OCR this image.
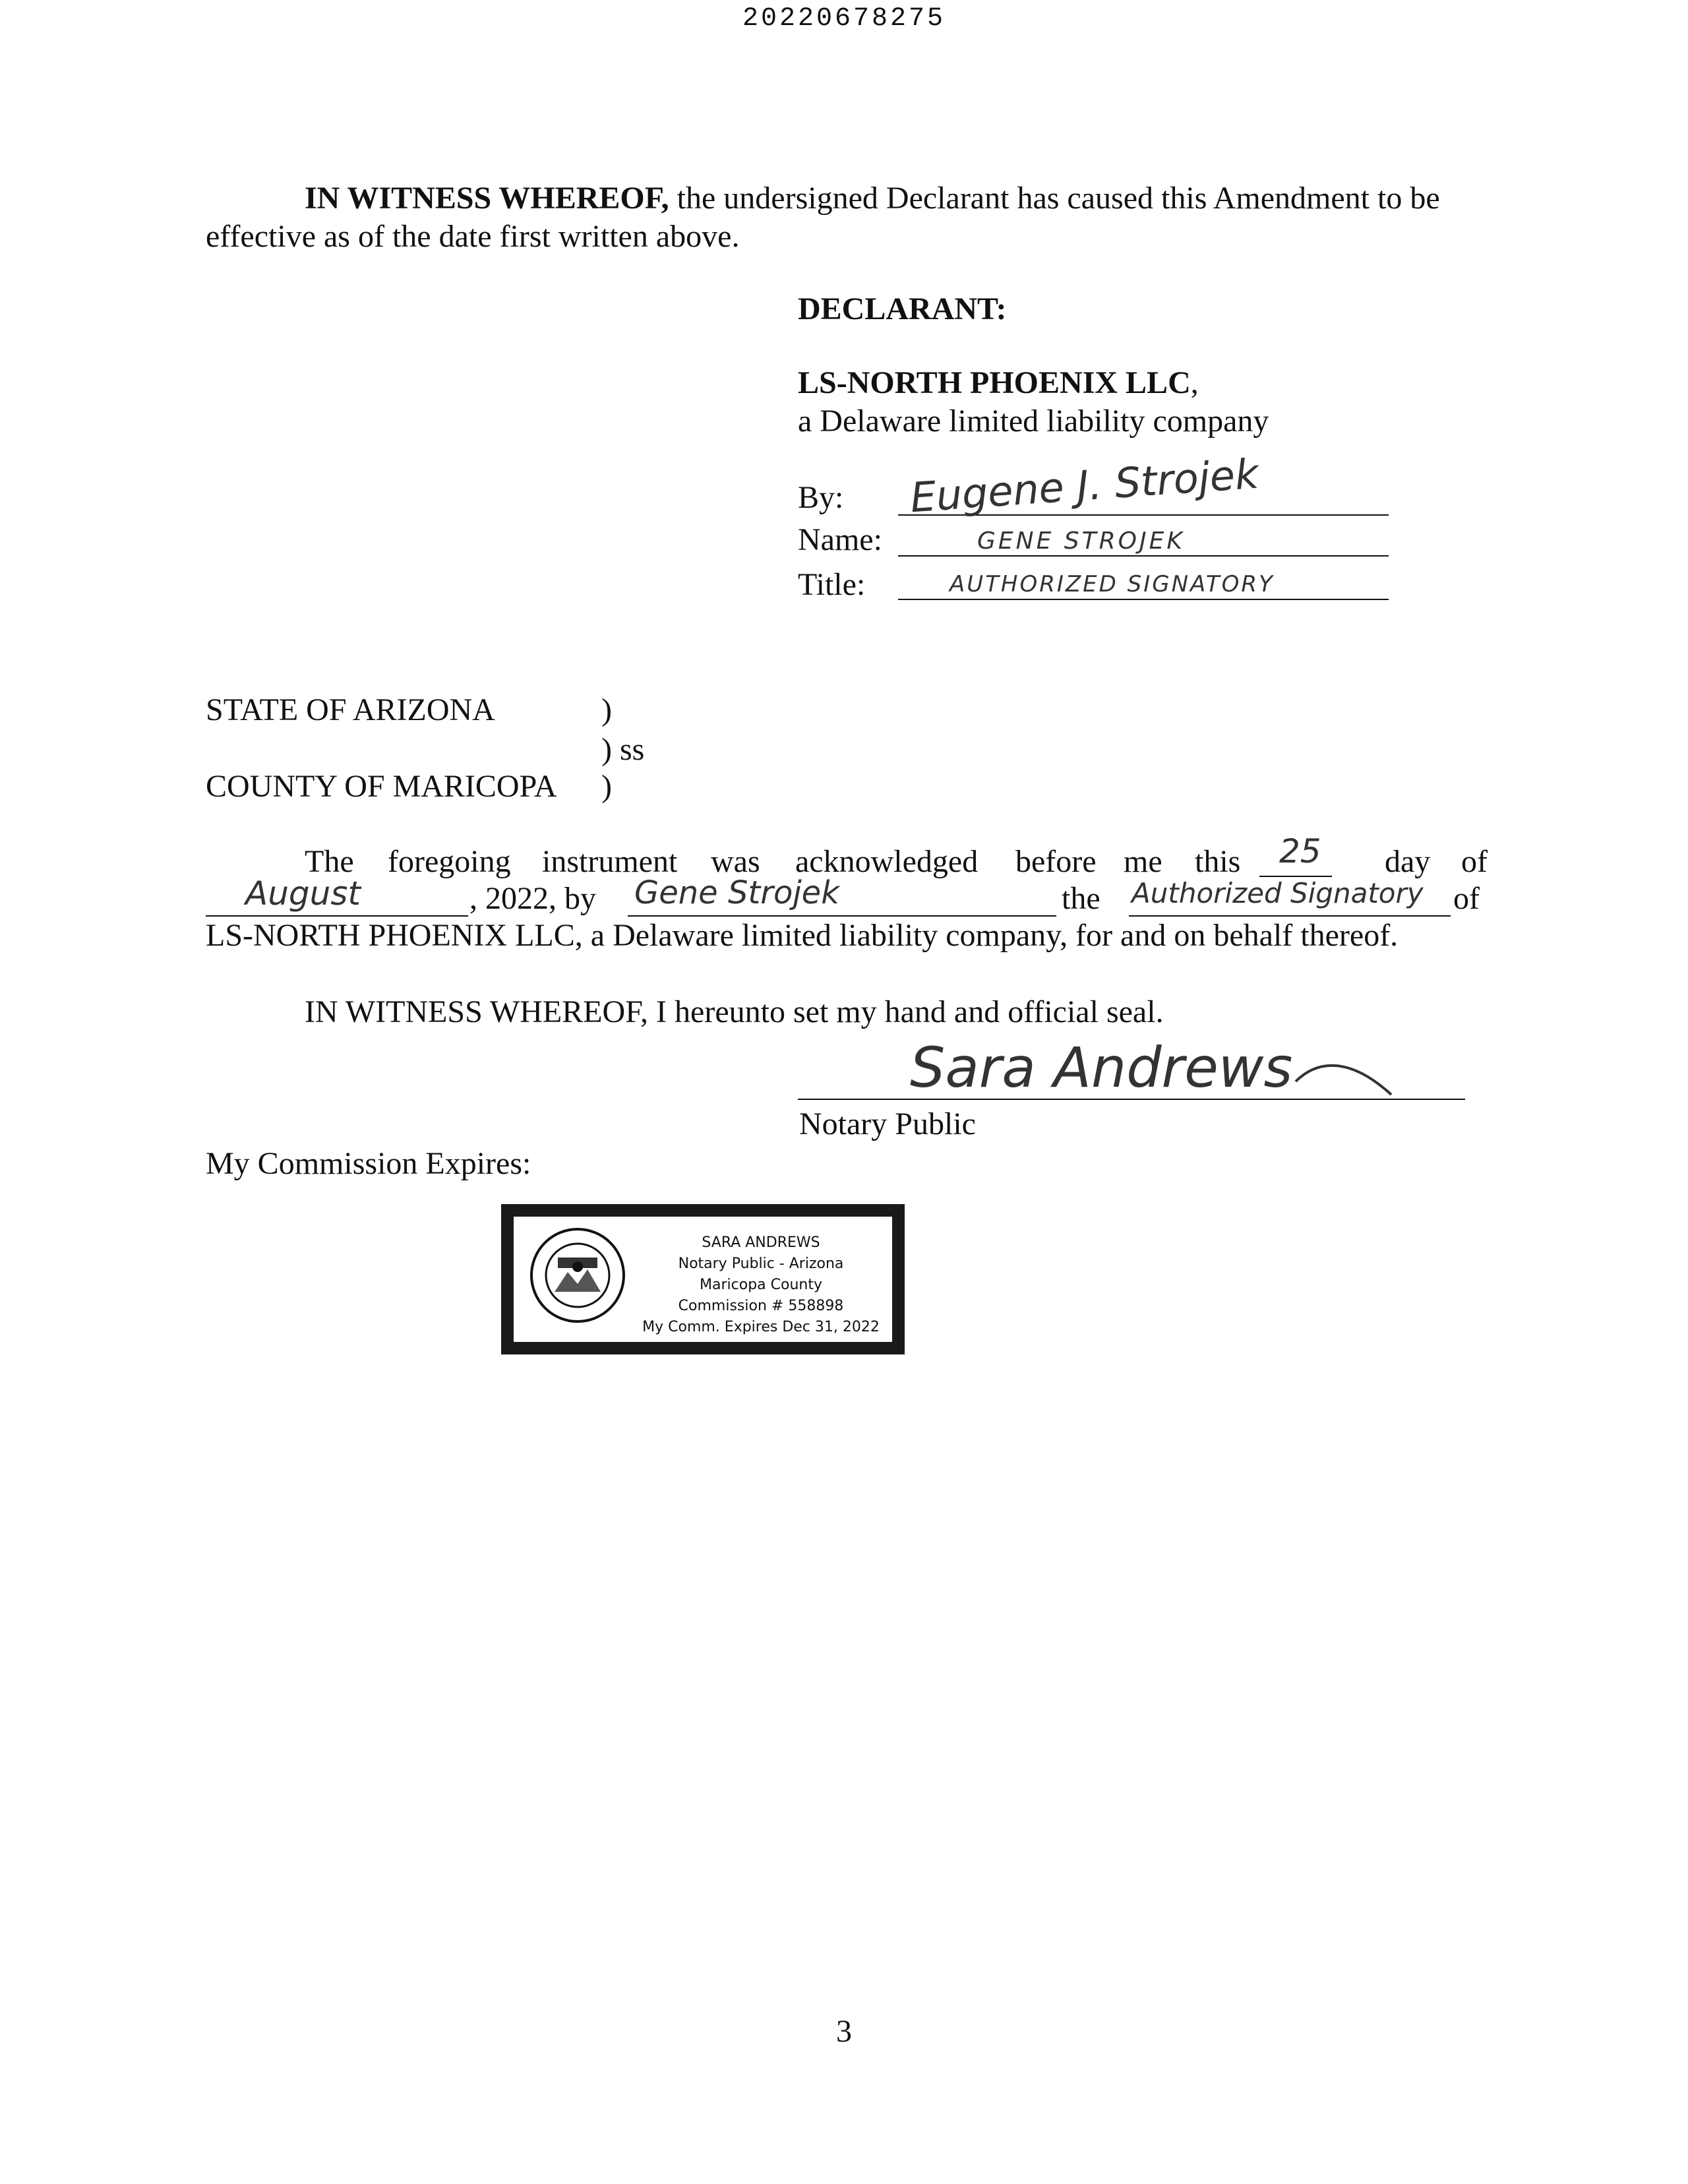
20220678275
IN WITNESS WHEREOF, the undersigned Declarant has caused this Amendment to be
effective as of the date first written above.
DECLARANT:
LS-NORTH PHOENIX LLC,
a Delaware limited liability company
By: Eugene J. Strojek
Name:	GENE STROJEK
Title:	AUTHORIZED SIGNATORY
STATE OF ARIZONA	)
) ss
COUNTY OF MARICOPA )
The foregoing instrument was acknowledged before me this 25 day of
August	, 2022, by Gene Strojek	the Authorized Signatory of
LS-NORTH PHOENIX LLC, a Delaware limited liability company, for and on behalf thereof.
IN WITNESS WHEREOF, I hereunto set my hand and official seal.
Sara Andrews
Notary Public
My Commission Expires:
SARA ANDREWS
Notary Public - Arizona
Maricopa County
Commission # 558898
My Comm. Expires Dec 31, 2022
3
